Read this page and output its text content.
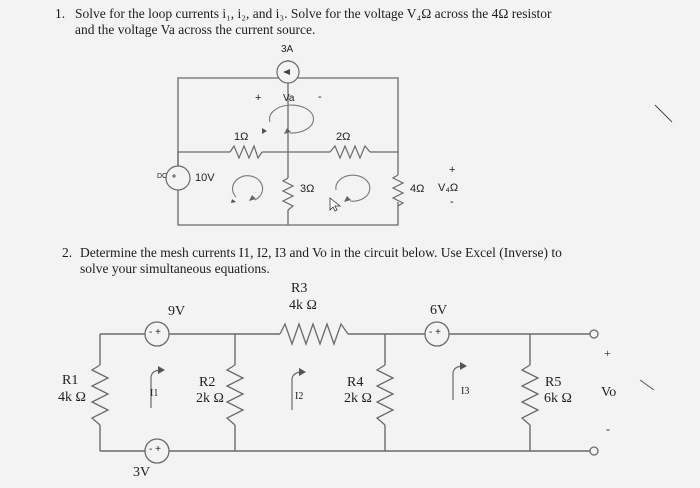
1. Solve for the loop currents i₁, i₂, and i₃. Solve for the voltage V₄Ω across the 4Ω resistor
and the voltage Va across the current source.
3A
+ Va -
1Ω	2Ω
3Ω	4Ω V₄Ω
+
-
10V
DC
2. Determine the mesh currents I1, I2, I3 and Vo in the circuit below. Use Excel (Inverse) to
solve your simultaneous equations.
- +
- +
- +
R1
4k Ω
R2
2k Ω
R3
4k Ω
R4
2k Ω
R5
6k Ω
9V
3V
6V
I1	I2	I3	Vo
+
-
